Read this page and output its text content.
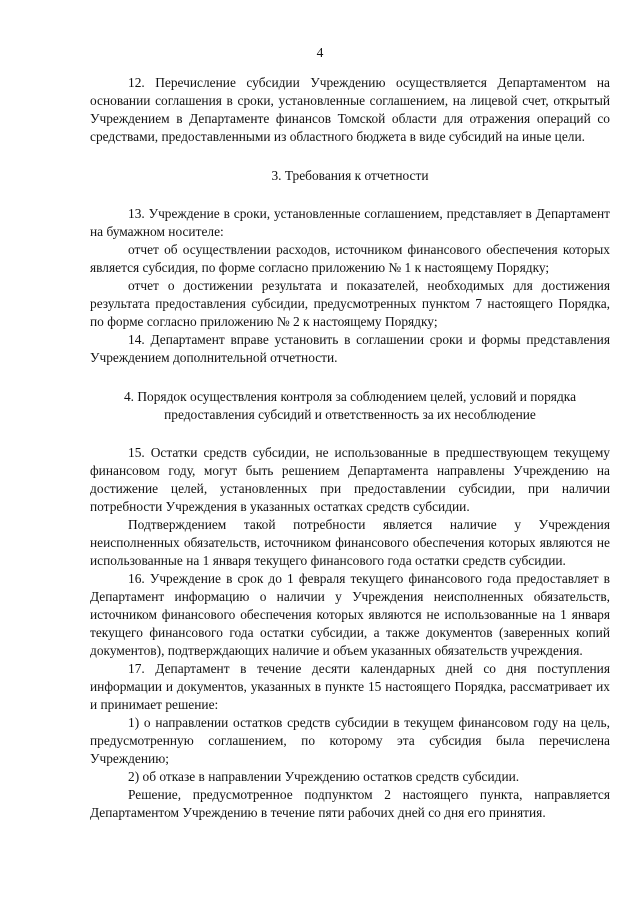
4

12. Перечисление субсидии Учреждению осуществляется Департаментом на основании соглашения в сроки, установленные соглашением, на лицевой счет, открытый Учреждением в Департаменте финансов Томской области для отражения операций со средствами, предоставленными из областного бюджета в виде субсидий на иные цели.

3. Требования к отчетности

13. Учреждение в сроки, установленные соглашением, представляет в Департамент на бумажном носителе:

отчет об осуществлении расходов, источником финансового обеспечения которых является субсидия, по форме согласно приложению № 1 к настоящему Порядку;

отчет о достижении результата и показателей, необходимых для достижения результата предоставления субсидии, предусмотренных пунктом 7 настоящего Порядка, по форме согласно приложению № 2 к настоящему Порядку;

14. Департамент вправе установить в соглашении сроки и формы представления Учреждением дополнительной отчетности.

4. Порядок осуществления контроля за соблюдением целей, условий и порядка

предоставления субсидий и ответственность за их несоблюдение

15. Остатки средств субсидии, не использованные в предшествующем текущему финансовом году, могут быть решением Департамента направлены Учреждению на достижение целей, установленных при предоставлении субсидии, при наличии потребности Учреждения в указанных остатках средств субсидии.

Подтверждением такой потребности является наличие у Учреждения неисполненных обязательств, источником финансового обеспечения которых являются не использованные на 1 января текущего финансового года остатки средств субсидии.

16. Учреждение в срок до 1 февраля текущего финансового года предоставляет в Департамент информацию о наличии у Учреждения неисполненных обязательств, источником финансового обеспечения которых являются не использованные на 1 января текущего финансового года остатки субсидии, а также документов (заверенных копий документов), подтверждающих наличие и объем указанных обязательств учреждения.

17. Департамент в течение десяти календарных дней со дня поступления информации и документов, указанных в пункте 15 настоящего Порядка, рассматривает их и принимает решение:

1) о направлении остатков средств субсидии в текущем финансовом году на цель, предусмотренную соглашением, по которому эта субсидия была перечислена Учреждению;

2) об отказе в направлении Учреждению остатков средств субсидии.

Решение, предусмотренное подпунктом 2 настоящего пункта, направляется Департаментом Учреждению в течение пяти рабочих дней со дня его принятия.
